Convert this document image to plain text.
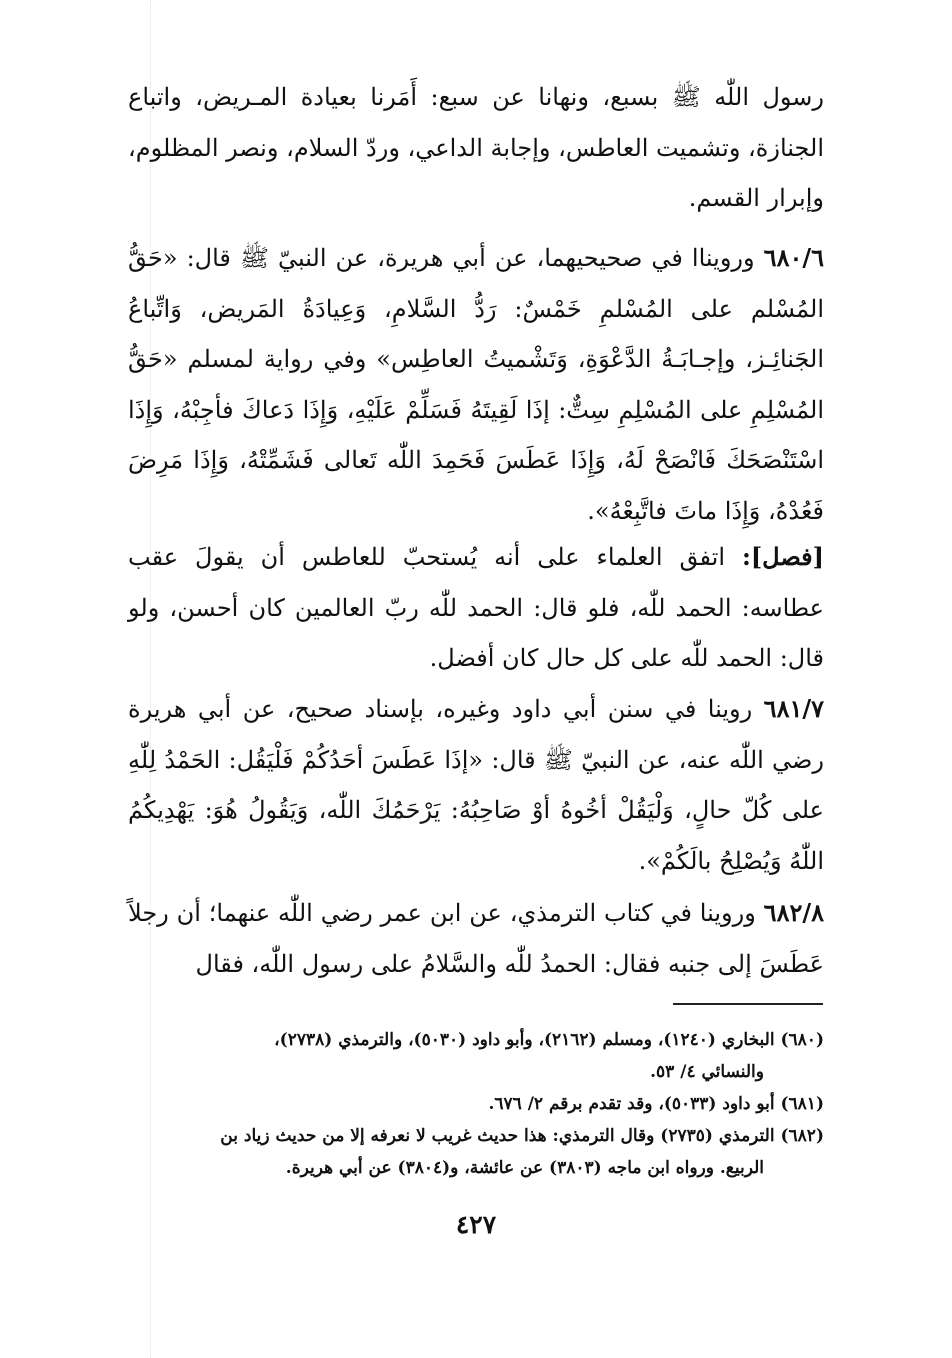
رسول اللّٰه ﷺ بسبع، ونهانا عن سبع: أَمَرنا بعيادة المـريض، واتباع الجنازة، وتشميت العاطس، وإجابة الداعي، وردّ السلام، ونصر المظلوم، وإبرار القسم.

٦٨٠/٦ ورويناا في صحيحيهما، عن أبي هريرة، عن النبيّ ﷺ قال: «حَقُّ المُسْلم على المُسْلمِ خَمْسٌ: رَدُّ السَّلامِ، وَعِيادَةُ المَريض، وَاتِّباعُ الجَنائِـز، وإجـابَـةُ الدَّعْوَةِ، وَتَشْميتُ العاطِس» وفي رواية لمسلم «حَقُّ المُسْلِمِ على المُسْلِمِ سِتٌّ: إذَا لَقِيتَهُ فَسَلِّمْ عَلَيْهِ، وَإِذَا دَعاكَ فأجِبْهُ، وَإِذَا اسْتَنْصَحَكَ فَانْصَحْ لَهُ، وَإِذَا عَطَسَ فَحَمِدَ اللّٰه تَعالى فَشَمِّتْهُ، وَإِذَا مَرِضَ فَعُدْهُ، وَإِذَا ماتَ فاتَّبِعْهُ».

[فصل]: اتفق العلماء على أنه يُستحبّ للعاطس أن يقولَ عقب عطاسه: الحمد للّٰه، فلو قال: الحمد للّٰه ربّ العالمين كان أحسن، ولو قال: الحمد للّٰه على كل حال كان أفضل.

٦٨١/٧ روينا في سنن أبي داود وغيره، بإسناد صحيح، عن أبي هريرة رضي اللّٰه عنه، عن النبيّ ﷺ قال: «إذَا عَطَسَ أحَدُكُمْ فَلْيَقُل: الحَمْدُ لِلّٰهِ على كُلّ حالٍ، وَلْيَقُلْ أخُوهُ أوْ صَاحِبُهُ: يَرْحَمُكَ اللّٰه، وَيَقُولُ هُوَ: يَهْدِيكُمُ اللّٰهُ وَيُصْلِحُ بالَكُمْ».

٦٨٢/٨ وروينا في كتاب الترمذي، عن ابن عمر رضي اللّٰه عنهما؛ أن رجلاً عَطَسَ إلى جنبه فقال: الحمدُ للّٰه والسَّلامُ على رسول اللّٰه، فقال

(٦٨٠) البخاري (١٢٤٠)، ومسلم (٢١٦٢)، وأبو داود (٥٠٣٠)، والترمذي (٢٧٣٨)،

والنسائي ٤/ ٥٣.

(٦٨١) أبو داود (٥٠٣٣)، وقد تقدم برقم ٢/ ٦٧٦.

(٦٨٢) الترمذي (٢٧٣٥) وقال الترمذي: هذا حديث غريب لا نعرفه إلا من حديث زياد بن

الربيع. ورواه ابن ماجه (٣٨٠٣) عن عائشة، و(٣٨٠٤) عن أبي هريرة.

٤٢٧
